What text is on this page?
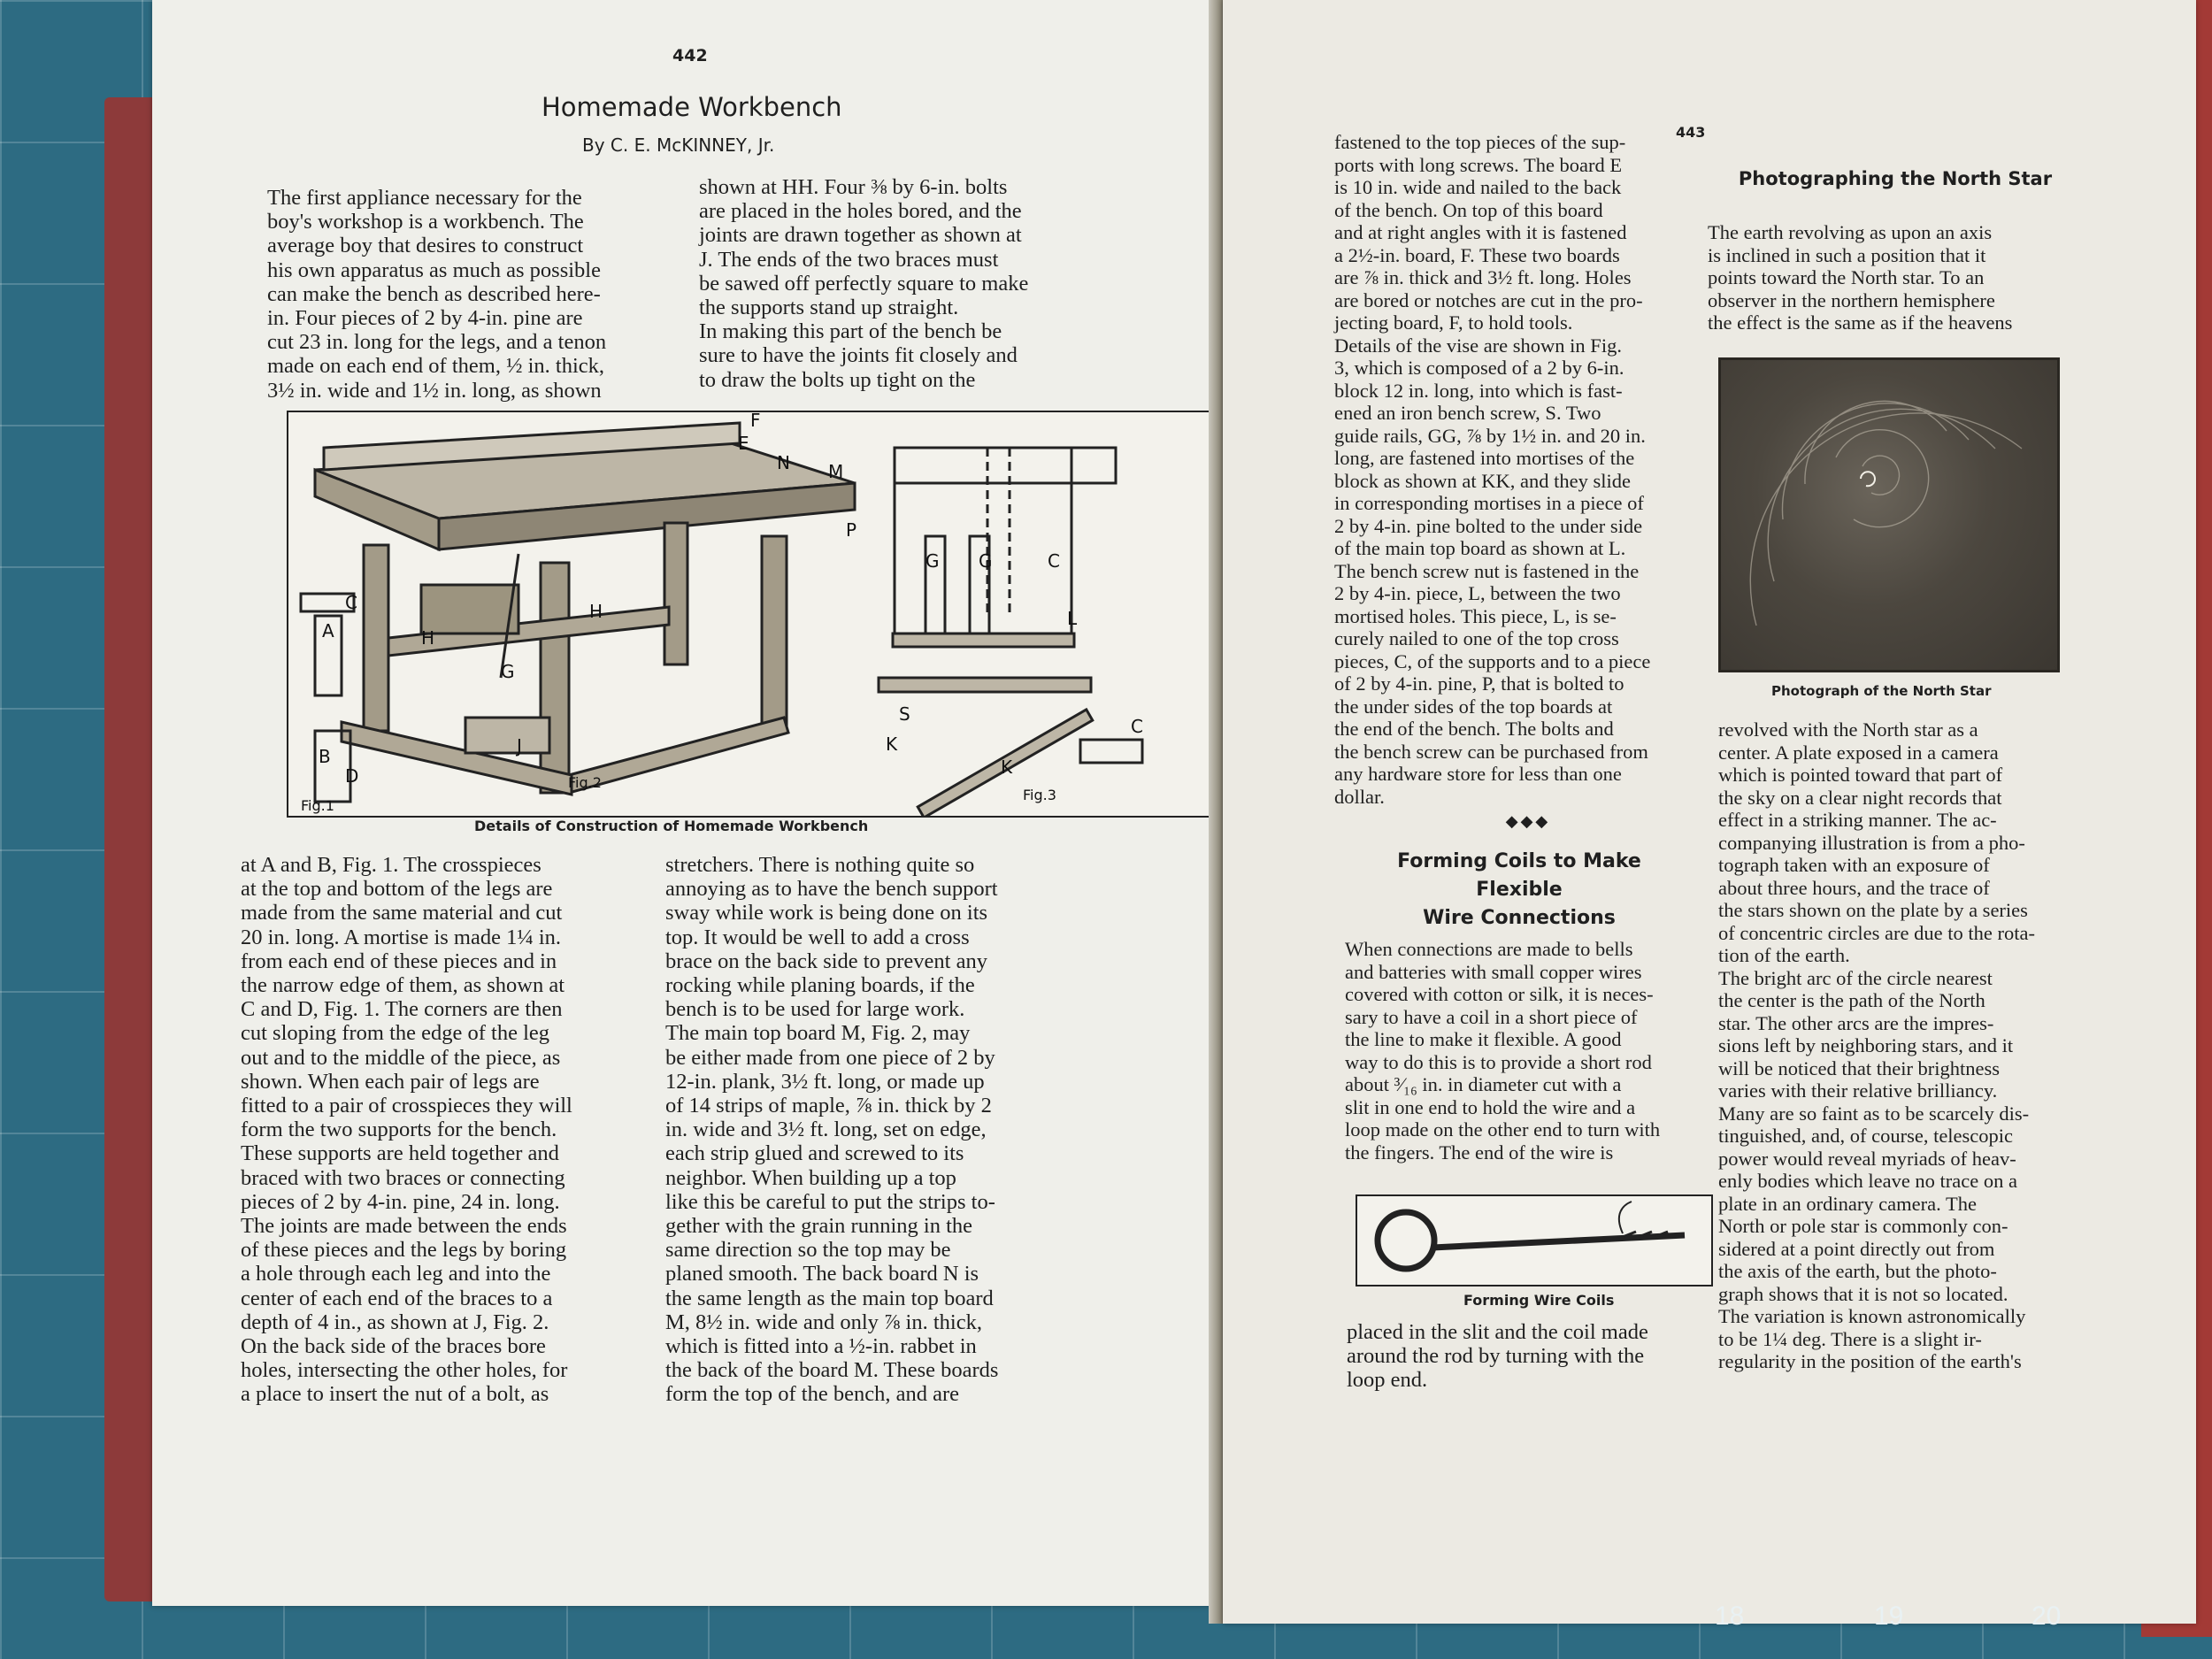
442
Homemade Workbench
By C. E. McKINNEY, Jr.
The first appliance necessary for the
boy's workshop is a workbench. The
average boy that desires to construct
his own apparatus as much as possible
can make the bench as described here-
in. Four pieces of 2 by 4-in. pine are
cut 23 in. long for the legs, and a tenon
made on each end of them, ½ in. thick,
3½ in. wide and 1½ in. long, as shown
shown at HH. Four ⅜ by 6-in. bolts
are placed in the holes bored, and the
joints are drawn together as shown at
J. The ends of the two braces must
be sawed off perfectly square to make
the supports stand up straight.
In making this part of the bench be
sure to have the joints fit closely and
to draw the bolts up tight on the
F
E
N M
C
A	H
H
G
J
B
D
Fig.1
Fig.2
P
G G	C
L
S
K
K
C
Fig.3
Details of Construction of Homemade Workbench
at A and B, Fig. 1. The crosspieces
at the top and bottom of the legs are
made from the same material and cut
20 in. long. A mortise is made 1¼ in.
from each end of these pieces and in
the narrow edge of them, as shown at
C and D, Fig. 1. The corners are then
cut sloping from the edge of the leg
out and to the middle of the piece, as
shown. When each pair of legs are
fitted to a pair of crosspieces they will
form the two supports for the bench.
These supports are held together and
braced with two braces or connecting
pieces of 2 by 4-in. pine, 24 in. long.
The joints are made between the ends
of these pieces and the legs by boring
a hole through each leg and into the
center of each end of the braces to a
depth of 4 in., as shown at J, Fig. 2.
On the back side of the braces bore
holes, intersecting the other holes, for
a place to insert the nut of a bolt, as
stretchers. There is nothing quite so
annoying as to have the bench support
sway while work is being done on its
top. It would be well to add a cross
brace on the back side to prevent any
rocking while planing boards, if the
bench is to be used for large work.
The main top board M, Fig. 2, may
be either made from one piece of 2 by
12-in. plank, 3½ ft. long, or made up
of 14 strips of maple, ⅞ in. thick by 2
in. wide and 3½ ft. long, set on edge,
each strip glued and screwed to its
neighbor. When building up a top
like this be careful to put the strips to-
gether with the grain running in the
same direction so the top may be
planed smooth. The back board N is
the same length as the main top board
M, 8½ in. wide and only ⅞ in. thick,
which is fitted into a ½-in. rabbet in
the back of the board M. These boards
form the top of the bench, and are
443
fastened to the top pieces of the sup-
ports with long screws. The board E
is 10 in. wide and nailed to the back
of the bench. On top of this board
and at right angles with it is fastened
a 2½-in. board, F. These two boards
are ⅞ in. thick and 3½ ft. long. Holes
are bored or notches are cut in the pro-
jecting board, F, to hold tools.
Details of the vise are shown in Fig.
3, which is composed of a 2 by 6-in.
block 12 in. long, into which is fast-
ened an iron bench screw, S. Two
guide rails, GG, ⅞ by 1½ in. and 20 in.
long, are fastened into mortises of the
block as shown at KK, and they slide
in corresponding mortises in a piece of
2 by 4-in. pine bolted to the under side
of the main top board as shown at L.
The bench screw nut is fastened in the
2 by 4-in. piece, L, between the two
mortised holes. This piece, L, is se-
curely nailed to one of the top cross
pieces, C, of the supports and to a piece
of 2 by 4-in. pine, P, that is bolted to
the under sides of the top boards at
the end of the bench. The bolts and
the bench screw can be purchased from
any hardware store for less than one
dollar.
◆◆◆
Forming Coils to Make Flexible
Wire Connections
When connections are made to bells
and batteries with small copper wires
covered with cotton or silk, it is neces-
sary to have a coil in a short piece of
the line to make it flexible. A good
way to do this is to provide a short rod
about ³⁄₁₆ in. in diameter cut with a
slit in one end to hold the wire and a
loop made on the other end to turn with
the fingers. The end of the wire is
Forming Wire Coils
placed in the slit and the coil made
around the rod by turning with the
loop end.
Photographing the North Star
The earth revolving as upon an axis
is inclined in such a position that it
points toward the North star. To an
observer in the northern hemisphere
the effect is the same as if the heavens
Photograph of the North Star
revolved with the North star as a
center. A plate exposed in a camera
which is pointed toward that part of
the sky on a clear night records that
effect in a striking manner. The ac-
companying illustration is from a pho-
tograph taken with an exposure of
about three hours, and the trace of
the stars shown on the plate by a series
of concentric circles are due to the rota-
tion of the earth.
The bright arc of the circle nearest
the center is the path of the North
star. The other arcs are the impres-
sions left by neighboring stars, and it
will be noticed that their brightness
varies with their relative brilliancy.
Many are so faint as to be scarcely dis-
tinguished, and, of course, telescopic
power would reveal myriads of heav-
enly bodies which leave no trace on a
plate in an ordinary camera. The
North or pole star is commonly con-
sidered at a point directly out from
the axis of the earth, but the photo-
graph shows that it is not so located.
The variation is known astronomically
to be 1¼ deg. There is a slight ir-
regularity in the position of the earth's
18	19	20
